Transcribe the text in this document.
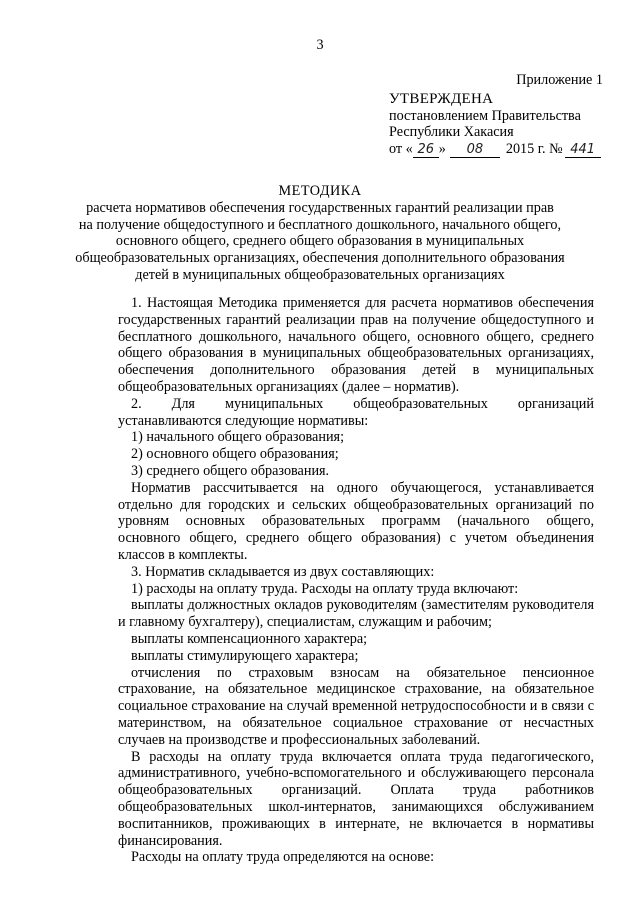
3
Приложение 1
УТВЕРЖДЕНА
постановлением Правительства
Республики Хакасия
от « 26 »	08	2015 г. № 441
МЕТОДИКА
расчета нормативов обеспечения государственных гарантий реализации прав
на получение общедоступного и бесплатного дошкольного, начального общего,
основного общего, среднего общего образования в муниципальных
общеобразовательных организациях, обеспечения дополнительного образования
детей в муниципальных общеобразовательных организациях

1. Настоящая Методика применяется для расчета нормативов обеспечения государственных гарантий реализации прав на получение общедоступного и бесплатного дошкольного, начального общего, основного общего, среднего общего образования в муниципальных общеобразовательных организациях, обеспечения дополнительного образования детей в муниципальных общеобразовательных организациях (далее – норматив).

2. Для муниципальных общеобразовательных организаций устанавливаются следующие нормативы:

1) начального общего образования;

2) основного общего образования;

3) среднего общего образования.

Норматив рассчитывается на одного обучающегося, устанавливается отдельно для городских и сельских общеобразовательных организаций по уровням основных образовательных программ (начального общего, основного общего, среднего общего образования) с учетом объединения классов в комплекты.

3. Норматив складывается из двух составляющих:

1) расходы на оплату труда. Расходы на оплату труда включают:

выплаты должностных окладов руководителям (заместителям руководителя и главному бухгалтеру), специалистам, служащим и рабочим;

выплаты компенсационного характера;

выплаты стимулирующего характера;

отчисления по страховым взносам на обязательное пенсионное страхование, на обязательное медицинское страхование, на обязательное социальное страхование на случай временной нетрудоспособности и в связи с материнством, на обязательное социальное страхование от несчастных случаев на производстве и профессиональных заболеваний.

В расходы на оплату труда включается оплата труда педагогического, административного, учебно-вспомогательного и обслуживающего персонала общеобразовательных организаций. Оплата труда работников общеобразовательных школ-интернатов, занимающихся обслуживанием воспитанников, проживающих в интернате, не включается в нормативы финансирования.

Расходы на оплату труда определяются на основе:
